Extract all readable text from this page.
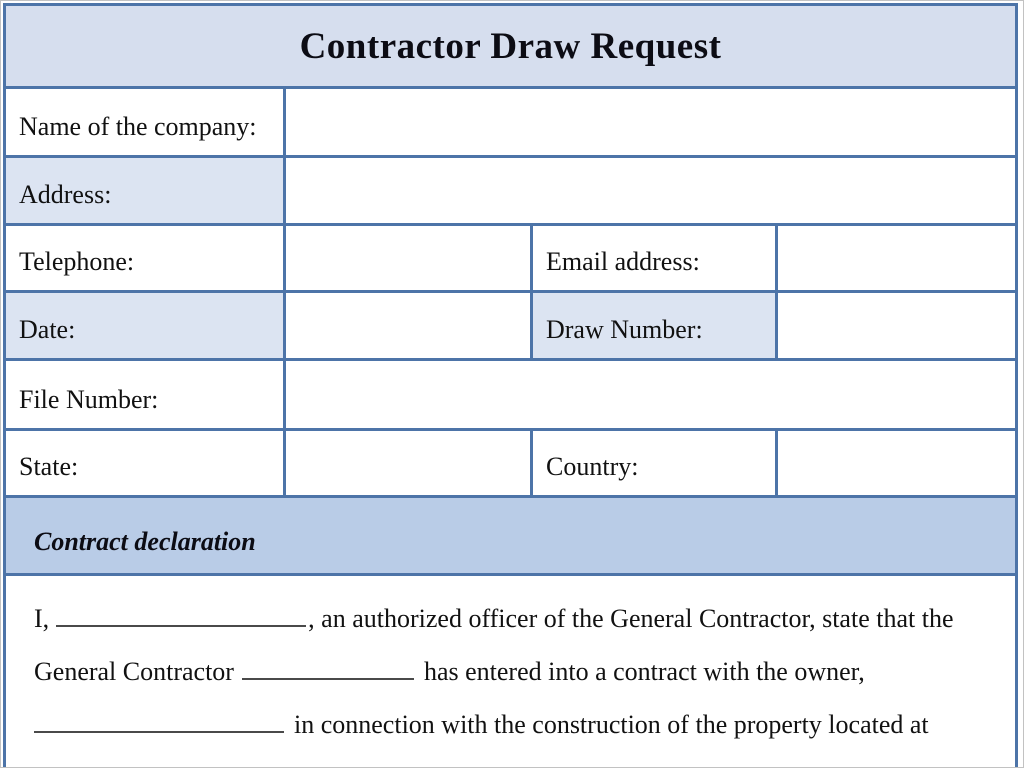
Contractor Draw Request
Name of the company:
Address:
Telephone:	Email address:
Date:	Draw Number:
File Number:
State:	Country:
Contract declaration

I,	, an authorized officer of the General Contractor, state that the

General Contractor	has entered into a contract with the owner,

in connection with the construction of the property located at
